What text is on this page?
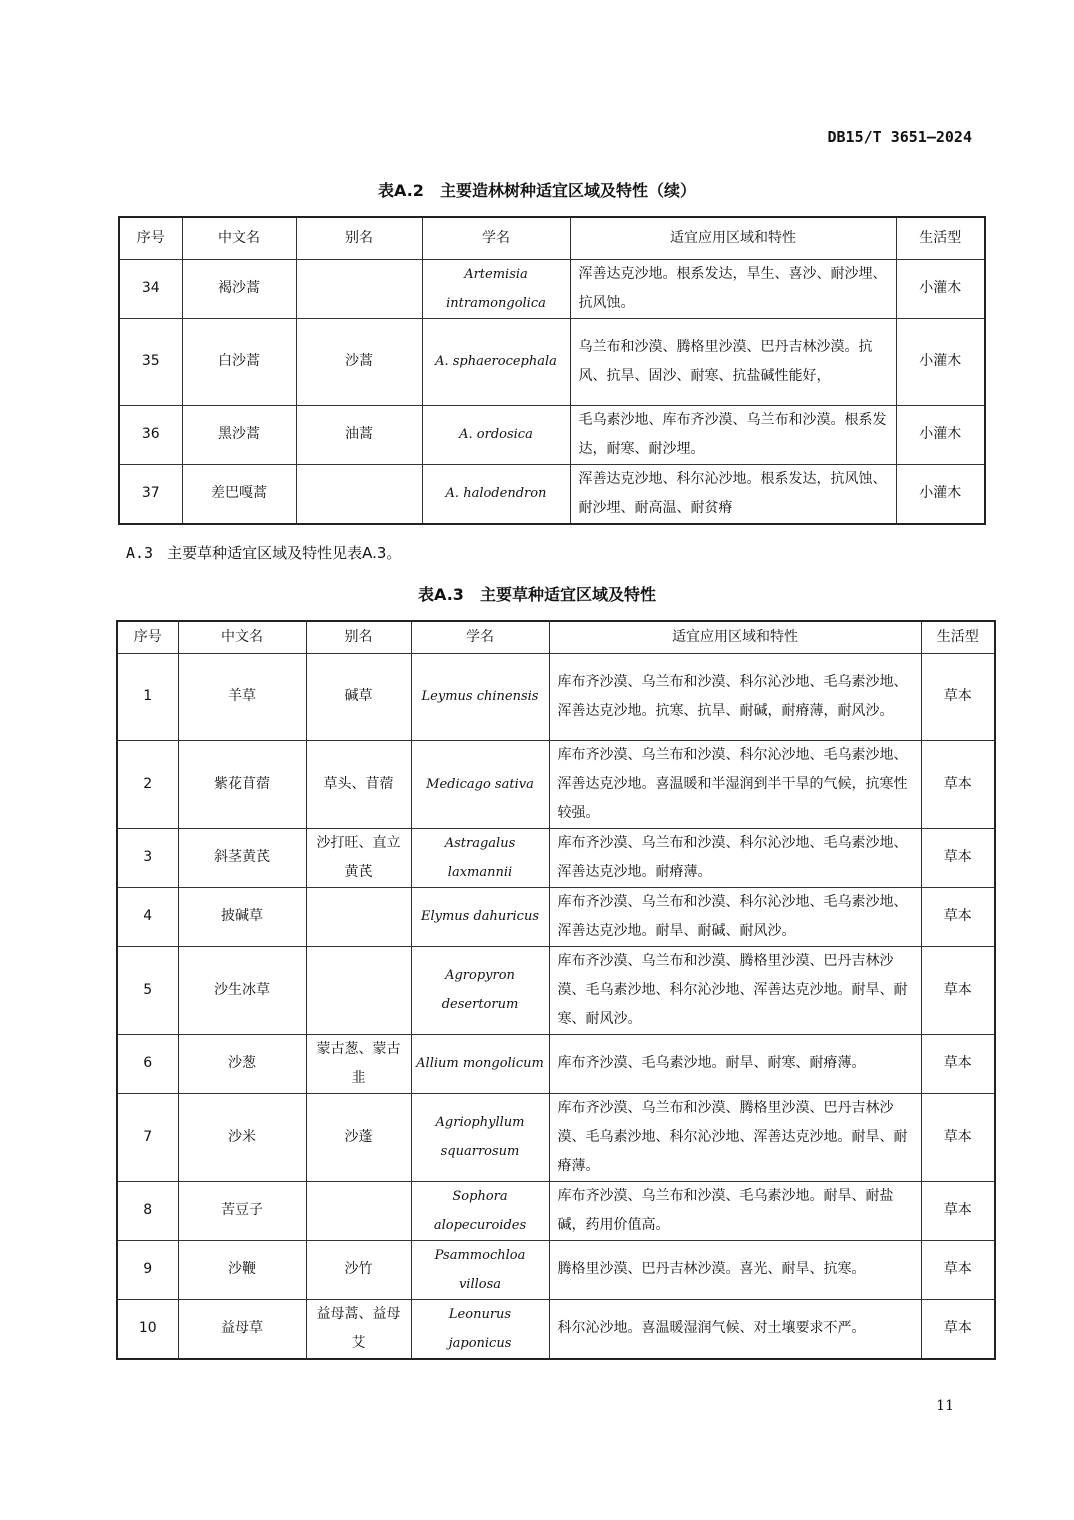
DB15/T 3651—2024
表A.2　主要造林树种适宜区域及特性（续）
序号	中文名	别名	学名	适宜应用区域和特性	生活型
34	褐沙蒿		Artemisia intramongolica	浑善达克沙地。根系发达，旱生、喜沙、耐沙埋、抗风蚀。	小灌木
35	白沙蒿	沙蒿	A. sphaerocephala	乌兰布和沙漠、腾格里沙漠、巴丹吉林沙漠。抗风、抗旱、固沙、耐寒、抗盐碱性能好，	小灌木
36	黑沙蒿	油蒿	A. ordosica	毛乌素沙地、库布齐沙漠、乌兰布和沙漠。根系发达，耐寒、耐沙埋。	小灌木
37	差巴嘎蒿		A. halodendron	浑善达克沙地、科尔沁沙地。根系发达，抗风蚀、耐沙埋、耐高温、耐贫瘠	小灌木
A.3 主要草种适宜区域及特性见表A.3。
表A.3　主要草种适宜区域及特性
序号	中文名	别名	学名	适宜应用区域和特性	生活型
1	羊草	碱草	Leymus chinensis	库布齐沙漠、乌兰布和沙漠、科尔沁沙地、毛乌素沙地、浑善达克沙地。抗寒、抗旱、耐碱，耐瘠薄，耐风沙。	草本
2	紫花苜蓿	草头、苜蓿	Medicago sativa	库布齐沙漠、乌兰布和沙漠、科尔沁沙地、毛乌素沙地、浑善达克沙地。喜温暖和半湿润到半干旱的气候，抗寒性较强。	草本
3	斜茎黄芪	沙打旺、直立黄芪	Astragalus laxmannii	库布齐沙漠、乌兰布和沙漠、科尔沁沙地、毛乌素沙地、浑善达克沙地。耐瘠薄。	草本
4	披碱草		Elymus dahuricus	库布齐沙漠、乌兰布和沙漠、科尔沁沙地、毛乌素沙地、浑善达克沙地。耐旱、耐碱、耐风沙。	草本
5	沙生冰草		Agropyron desertorum	库布齐沙漠、乌兰布和沙漠、腾格里沙漠、巴丹吉林沙漠、毛乌素沙地、科尔沁沙地、浑善达克沙地。耐旱、耐寒、耐风沙。	草本
6	沙葱	蒙古葱、蒙古韭	Allium mongolicum	库布齐沙漠、毛乌素沙地。耐旱、耐寒、耐瘠薄。	草本
7	沙米	沙蓬	Agriophyllum squarrosum	库布齐沙漠、乌兰布和沙漠、腾格里沙漠、巴丹吉林沙漠、毛乌素沙地、科尔沁沙地、浑善达克沙地。耐旱、耐瘠薄。	草本
8	苦豆子		Sophora alopecuroides	库布齐沙漠、乌兰布和沙漠、毛乌素沙地。耐旱、耐盐碱，药用价值高。	草本
9	沙鞭	沙竹	Psammochloa villosa	腾格里沙漠、巴丹吉林沙漠。喜光、耐旱、抗寒。	草本
10	益母草	益母蒿、益母艾	Leonurus japonicus	科尔沁沙地。喜温暖湿润气候、对土壤要求不严。	草本
11
